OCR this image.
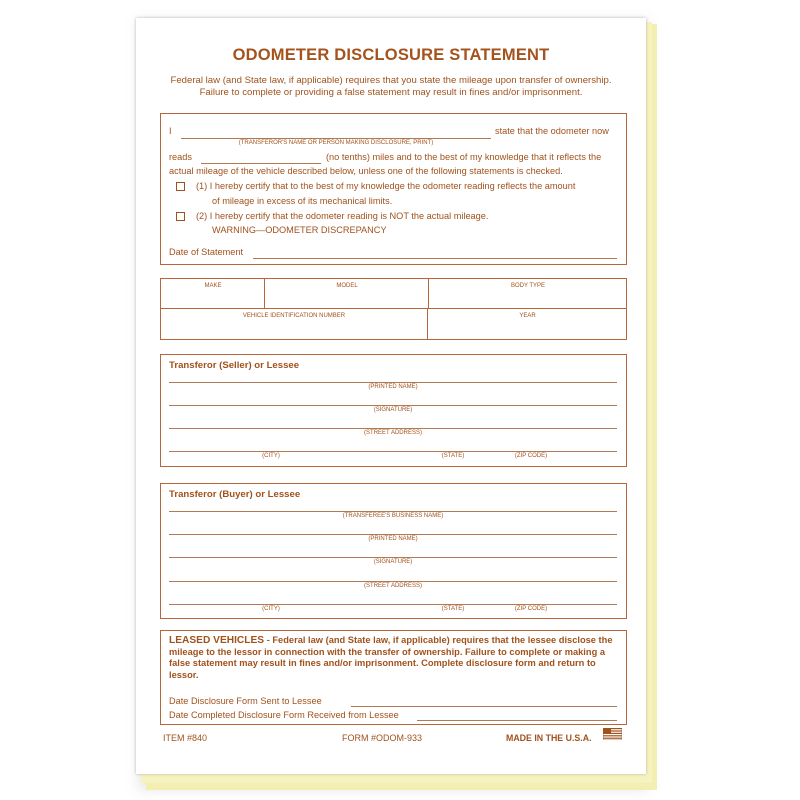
ODOMETER DISCLOSURE STATEMENT
Federal law (and State law, if applicable) requires that you state the mileage upon transfer of ownership. Failure to complete or providing a false statement may result in fines and/or imprisonment.
I
(TRANSFEROR'S NAME OR PERSON MAKING DISCLOSURE, PRINT)
state that the odometer now
reads	(no tenths) miles and to the best of my knowledge that it reflects the
actual mileage of the vehicle described below, unless one of the following statements is checked.
(1) I hereby certify that to the best of my knowledge the odometer reading reflects the amount
of mileage in excess of its mechanical limits.
(2) I hereby certify that the odometer reading is NOT the actual mileage.
WARNING—ODOMETER DISCREPANCY
Date of Statement
MAKE	MODEL	BODY TYPE
VEHICLE IDENTIFICATION NUMBER	YEAR
Transferor (Seller) or Lessee
(PRINTED NAME)
(SIGNATURE)
(STREET ADDRESS)
(CITY)	(STATE)	(ZIP CODE)
Transferor (Buyer) or Lessee
(TRANSFEREE'S BUSINESS NAME)
(PRINTED NAME)
(SIGNATURE)
(STREET ADDRESS)
(CITY)	(STATE)	(ZIP CODE)
LEASED VEHICLES - Federal law (and State law, if applicable) requires that the lessee disclose the mileage to the lessor in connection with the transfer of ownership. Failure to complete or making a false statement may result in fines and/or imprisonment. Complete disclosure form and return to lessor.
Date Disclosure Form Sent to Lessee
Date Completed Disclosure Form Received from Lessee
ITEM #840	FORM #ODOM-933	MADE IN THE U.S.A.
